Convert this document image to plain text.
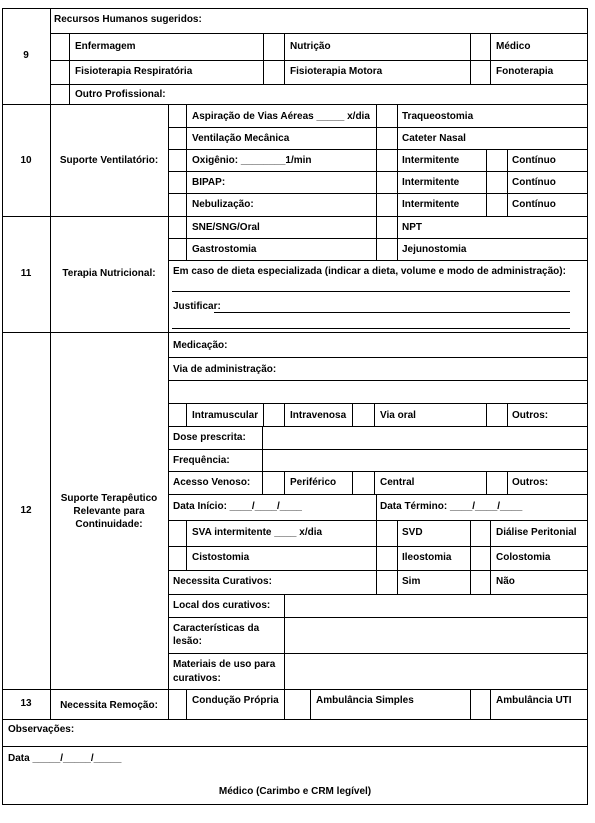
9
Recursos Humanos sugeridos:
Enfermagem	Nutrição	Médico
Fisioterapia Respiratória	Fisioterapia Motora	Fonoterapia
Outro Profissional:
10	Suporte Ventilatório:
Aspiração de Vias Aéreas _____ x/dia	Traqueostomia
Ventilação Mecânica	Cateter Nasal
Oxigênio: ________1/min	Intermitente	Contínuo
BIPAP:	Intermitente	Contínuo
Nebulização:	Intermitente	Contínuo
11	Terapia Nutricional:
SNE/SNG/Oral	NPT
Gastrostomia	Jejunostomia
Em caso de dieta especializada (indicar a dieta, volume e modo de administração):
Justificar:
12
Suporte Terapêutico
Relevante para
Continuidade:
Medicação:
Via de administração:
Intramuscular	Intravenosa	Via oral	Outros:
Dose prescrita:
Frequência:
Acesso Venoso:	Periférico	Central	Outros:
Data Início: ____/____/____	Data Término: ____/____/____
SVA intermitente ____ x/dia	SVD	Diálise Peritonial
Cistostomia	Ileostomia	Colostomia
Necessita Curativos:	Sim	Não
Local dos curativos:
Características da
lesão:
Materiais de uso para
curativos:
13	Necessita Remoção:	Condução Própria	Ambulância Simples	Ambulância UTI
Observações:
Data _____/_____/_____
Médico (Carimbo e CRM legível)
